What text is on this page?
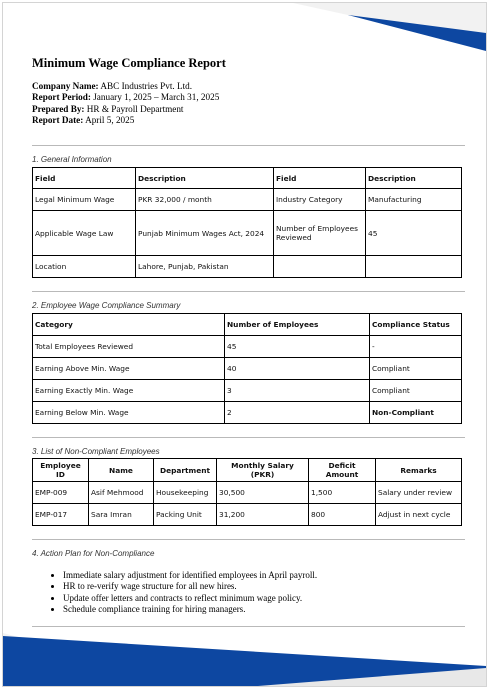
Minimum Wage Compliance Report
Company Name: ABC Industries Pvt. Ltd.
Report Period: January 1, 2025 – March 31, 2025
Prepared By: HR & Payroll Department
Report Date: April 5, 2025
1. General Information
Field	Description	Field	Description
Legal Minimum Wage	PKR 32,000 / month	Industry Category	Manufacturing
Applicable Wage Law	Punjab Minimum Wages Act, 2024	Number of Employees Reviewed	45
Location	Lahore, Punjab, Pakistan		
2. Employee Wage Compliance Summary
Category	Number of Employees	Compliance Status
Total Employees Reviewed	45	-
Earning Above Min. Wage	40	Compliant
Earning Exactly Min. Wage	3	Compliant
Earning Below Min. Wage	2	Non-Compliant
3. List of Non-Compliant Employees
Employee ID	Name	Department	Monthly Salary (PKR)	Deficit Amount	Remarks
EMP-009	Asif Mehmood	Housekeeping	30,500	1,500	Salary under review
EMP-017	Sara Imran	Packing Unit	31,200	800	Adjust in next cycle
4. Action Plan for Non-Compliance
• Immediate salary adjustment for identified employees in April payroll.
• HR to re-verify wage structure for all new hires.
• Update offer letters and contracts to reflect minimum wage policy.
• Schedule compliance training for hiring managers.
